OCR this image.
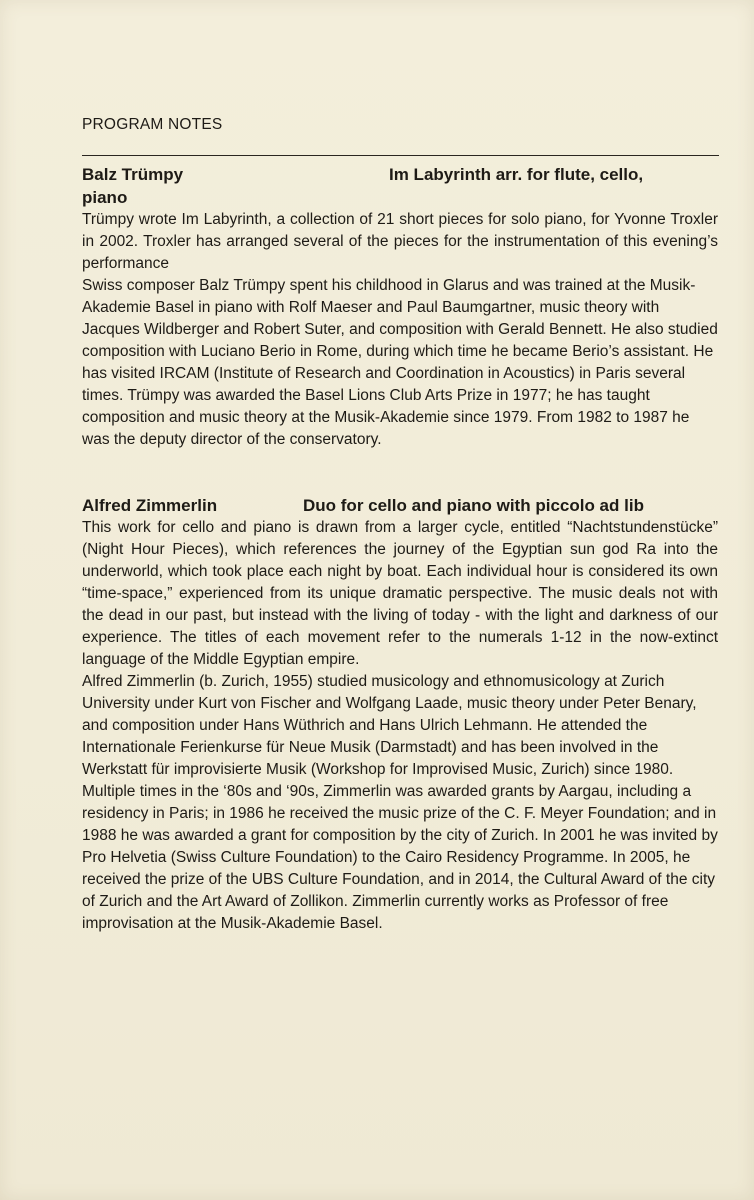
PROGRAM NOTES
Balz Trümpy	Im Labyrinth arr. for flute, cello,
piano

Trümpy wrote Im Labyrinth, a collection of 21 short pieces for solo piano, for Yvonne Troxler in 2002. Troxler has arranged several of the pieces for the instrumentation of this evening’s performance

Swiss composer Balz Trümpy spent his childhood in Glarus and was trained at the Musik-Akademie Basel in piano with Rolf Maeser and Paul Baumgartner, music theory with Jacques Wildberger and Robert Suter, and composition with Gerald Bennett. He also studied composition with Luciano Berio in Rome, during which time he became Berio’s assistant. He has visited IRCAM (Institute of Research and Coordination in Acoustics) in Paris several times. Trümpy was awarded the Basel Lions Club Arts Prize in 1977; he has taught composition and music theory at the Musik-Akademie since 1979. From 1982 to 1987 he was the deputy director of the conservatory.

Alfred Zimmerlin	Duo for cello and piano with piccolo ad lib

This work for cello and piano is drawn from a larger cycle, entitled “Nachtstundenstücke” (Night Hour Pieces), which references the journey of the Egyptian sun god Ra into the underworld, which took place each night by boat. Each individual hour is considered its own “time-space,” experienced from its unique dramatic perspective. The music deals not with the dead in our past, but instead with the living of today - with the light and darkness of our experience. The titles of each movement refer to the numerals 1-12 in the now-extinct language of the Middle Egyptian empire.

Alfred Zimmerlin (b. Zurich, 1955) studied musicology and ethnomusicology at Zurich University under Kurt von Fischer and Wolfgang Laade, music theory under Peter Benary, and composition under Hans Wüthrich and Hans Ulrich Lehmann. He attended the Internationale Ferienkurse für Neue Musik (Darmstadt) and has been involved in the Werkstatt für improvisierte Musik (Workshop for Improvised Music, Zurich) since 1980. Multiple times in the ‘80s and ‘90s, Zimmerlin was awarded grants by Aargau, including a residency in Paris; in 1986 he received the music prize of the C. F. Meyer Foundation; and in 1988 he was awarded a grant for composition by the city of Zurich. In 2001 he was invited by Pro Helvetia (Swiss Culture Foundation) to the Cairo Residency Programme. In 2005, he received the prize of the UBS Culture Foundation, and in 2014, the Cultural Award of the city of Zurich and the Art Award of Zollikon. Zimmerlin currently works as Professor of free improvisation at the Musik-Akademie Basel.
